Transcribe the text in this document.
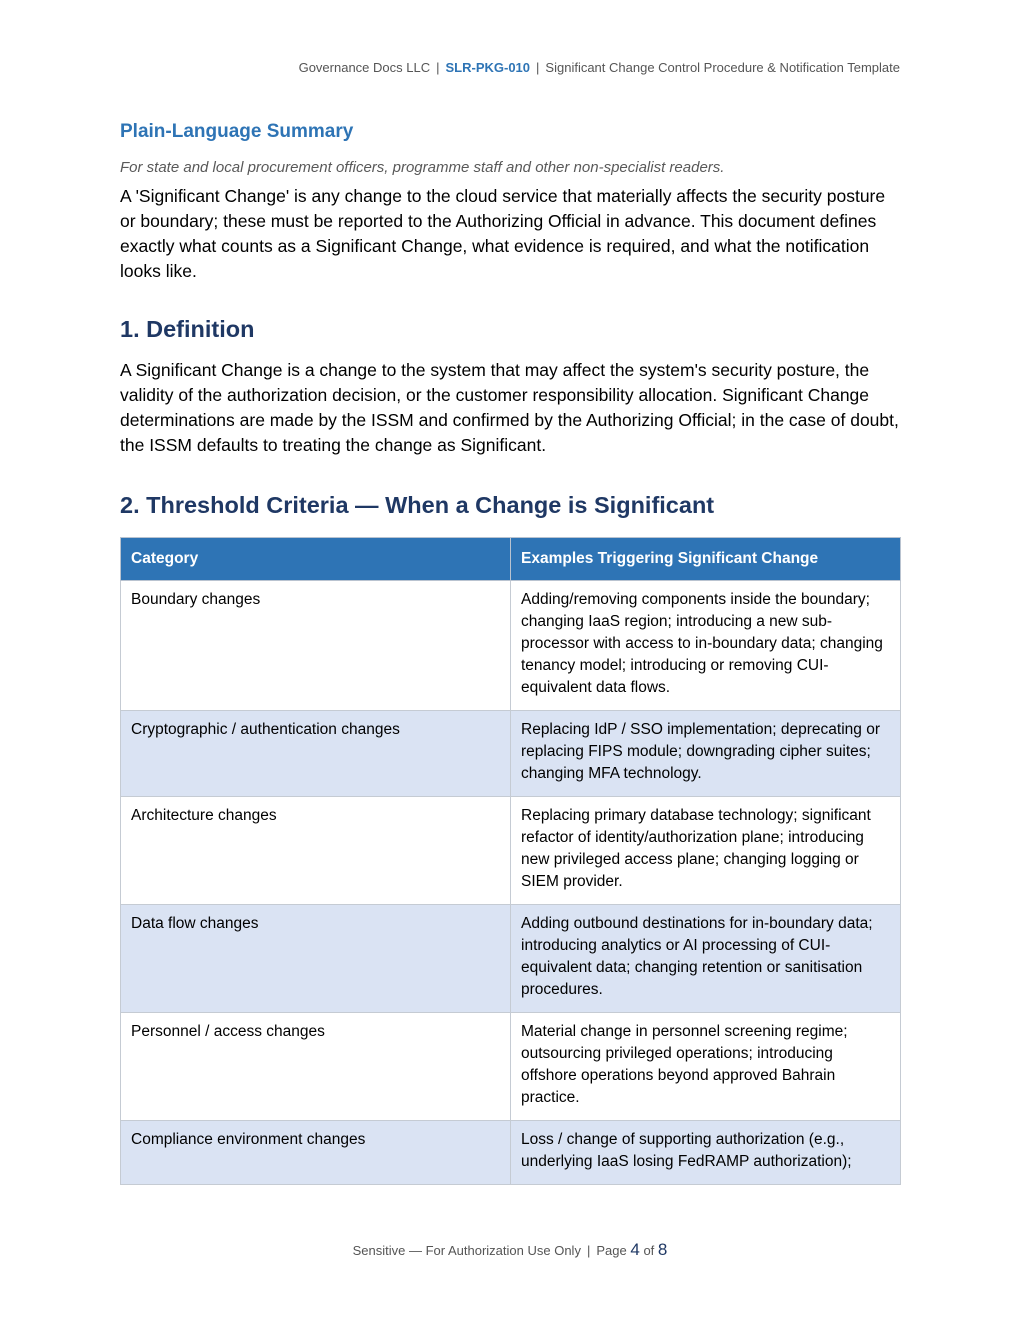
Governance Docs LLC | SLR-PKG-010 | Significant Change Control Procedure & Notification Template
Plain-Language Summary
For state and local procurement officers, programme staff and other non-specialist readers.

A 'Significant Change' is any change to the cloud service that materially affects the security posture or boundary; these must be reported to the Authorizing Official in advance. This document defines exactly what counts as a Significant Change, what evidence is required, and what the notification looks like.

1. Definition

A Significant Change is a change to the system that may affect the system's security posture, the validity of the authorization decision, or the customer responsibility allocation. Significant Change determinations are made by the ISSM and confirmed by the Authorizing Official; in the case of doubt, the ISSM defaults to treating the change as Significant.

2. Threshold Criteria — When a Change is Significant
Category	Examples Triggering Significant Change
Boundary changes	Adding/removing components inside the boundary; changing IaaS region; introducing a new sub-processor with access to in-boundary data; changing tenancy model; introducing or removing CUI-equivalent data flows.
Cryptographic / authentication changes	Replacing IdP / SSO implementation; deprecating or replacing FIPS module; downgrading cipher suites; changing MFA technology.
Architecture changes	Replacing primary database technology; significant refactor of identity/authorization plane; introducing new privileged access plane; changing logging or SIEM provider.
Data flow changes	Adding outbound destinations for in-boundary data; introducing analytics or AI processing of CUI-equivalent data; changing retention or sanitisation procedures.
Personnel / access changes	Material change in personnel screening regime; outsourcing privileged operations; introducing offshore operations beyond approved Bahrain practice.
Compliance environment changes	Loss / change of supporting authorization (e.g., underlying IaaS losing FedRAMP authorization);
Sensitive — For Authorization Use Only | Page 4 of 8
